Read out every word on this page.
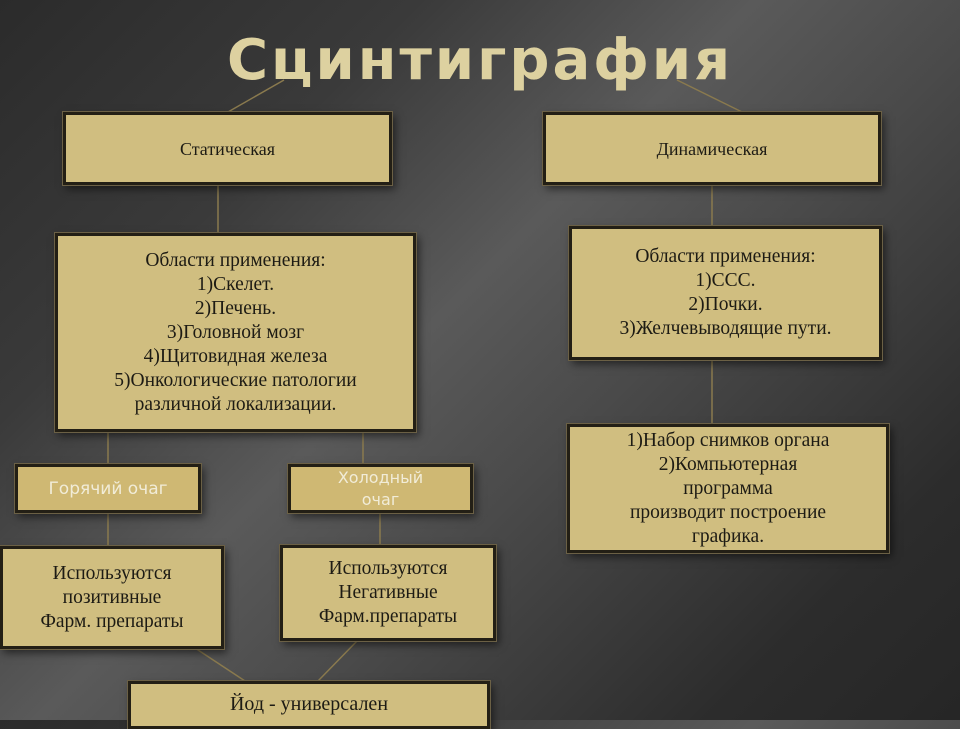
Сцинтиграфия
Статическая	Динамическая
Области применения:
1)Скелет.
2)Печень.
3)Головной мозг
4)Щитовидная железа
5)Онкологические патологии
различной локализации.
Области применения:
1)ССС.
2)Почки.
3)Желчевыводящие пути.
1)Набор снимков органа
2)Компьютерная
программа
производит построение
графика.
Горячий очаг
Холодный
очаг
Используются
позитивные
Фарм. препараты
Используются
Негативные
Фарм.препараты
Йод - универсален
